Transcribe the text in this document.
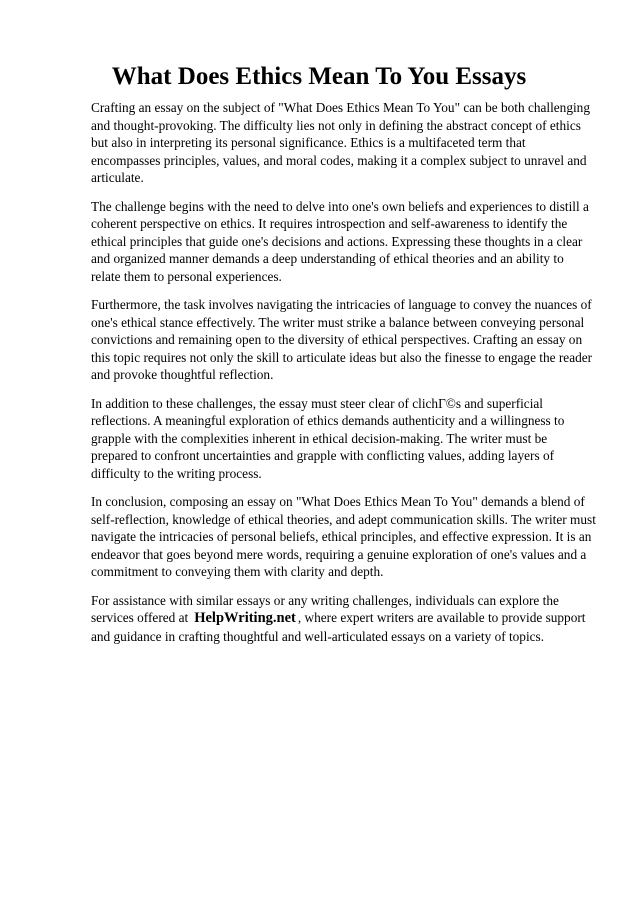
What Does Ethics Mean To You Essays

Crafting an essay on the subject of "What Does Ethics Mean To You" can be both challenging and thought-provoking. The difficulty lies not only in defining the abstract concept of ethics but also in interpreting its personal significance. Ethics is a multifaceted term that encompasses principles, values, and moral codes, making it a complex subject to unravel and articulate.

The challenge begins with the need to delve into one's own beliefs and experiences to distill a coherent perspective on ethics. It requires introspection and self-awareness to identify the ethical principles that guide one's decisions and actions. Expressing these thoughts in a clear and organized manner demands a deep understanding of ethical theories and an ability to relate them to personal experiences.

Furthermore, the task involves navigating the intricacies of language to convey the nuances of one's ethical stance effectively. The writer must strike a balance between conveying personal convictions and remaining open to the diversity of ethical perspectives. Crafting an essay on this topic requires not only the skill to articulate ideas but also the finesse to engage the reader and provoke thoughtful reflection.

In addition to these challenges, the essay must steer clear of clichГ©s and superficial reflections. A meaningful exploration of ethics demands authenticity and a willingness to grapple with the complexities inherent in ethical decision-making. The writer must be prepared to confront uncertainties and grapple with conflicting values, adding layers of difficulty to the writing process.

In conclusion, composing an essay on "What Does Ethics Mean To You" demands a blend of self-reflection, knowledge of ethical theories, and adept communication skills. The writer must navigate the intricacies of personal beliefs, ethical principles, and effective expression. It is an endeavor that goes beyond mere words, requiring a genuine exploration of one's values and a commitment to conveying them with clarity and depth.

For assistance with similar essays or any writing challenges, individuals can explore the services offered at HelpWriting.net , where expert writers are available to provide support and guidance in crafting thoughtful and well-articulated essays on a variety of topics.
